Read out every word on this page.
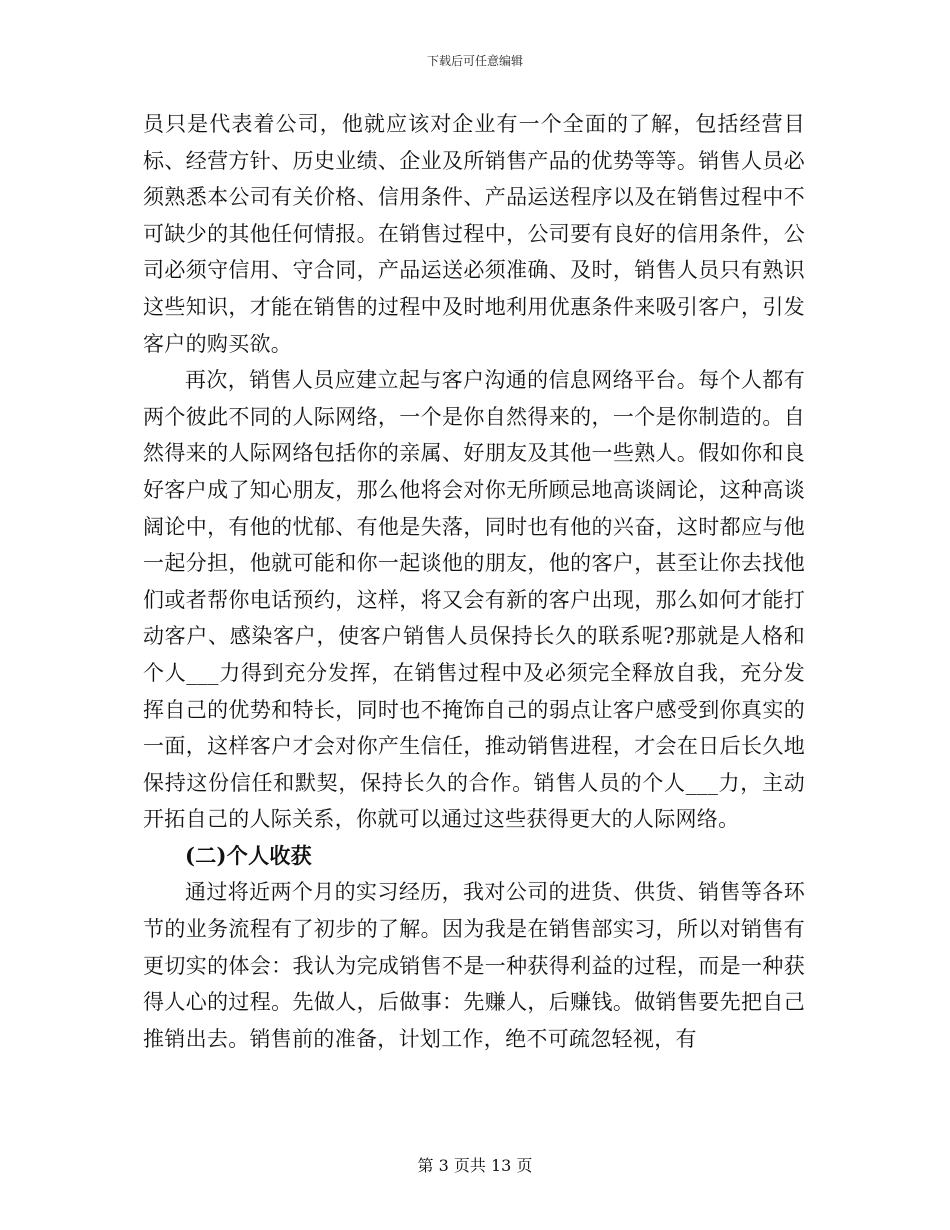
下载后可任意编辑

员只是代表着公司，他就应该对企业有一个全面的了解，包括经营目标、经营方针、历史业绩、企业及所销售产品的优势等等。销售人员必须熟悉本公司有关价格、信用条件、产品运送程序以及在销售过程中不可缺少的其他任何情报。在销售过程中，公司要有良好的信用条件，公司必须守信用、守合同，产品运送必须准确、及时，销售人员只有熟识这些知识，才能在销售的过程中及时地利用优惠条件来吸引客户，引发客户的购买欲。

再次，销售人员应建立起与客户沟通的信息网络平台。每个人都有两个彼此不同的人际网络，一个是你自然得来的，一个是你制造的。自然得来的人际网络包括你的亲属、好朋友及其他一些熟人。假如你和良好客户成了知心朋友，那么他将会对你无所顾忌地高谈阔论，这种高谈阔论中，有他的忧郁、有他是失落，同时也有他的兴奋，这时都应与他一起分担，他就可能和你一起谈他的朋友，他的客户，甚至让你去找他们或者帮你电话预约，这样，将又会有新的客户出现，那么如何才能打动客户、感染客户，使客户销售人员保持长久的联系呢?那就是人格和个人___力得到充分发挥，在销售过程中及必须完全释放自我，充分发挥自己的优势和特长，同时也不掩饰自己的弱点让客户感受到你真实的一面，这样客户才会对你产生信任，推动销售进程，才会在日后长久地保持这份信任和默契，保持长久的合作。销售人员的个人___力，主动开拓自己的人际关系，你就可以通过这些获得更大的人际网络。

(二)个人收获

通过将近两个月的实习经历，我对公司的进货、供货、销售等各环节的业务流程有了初步的了解。因为我是在销售部实习，所以对销售有更切实的体会：我认为完成销售不是一种获得利益的过程，而是一种获得人心的过程。先做人，后做事：先赚人，后赚钱。做销售要先把自己推销出去。销售前的准备，计划工作，绝不可疏忽轻视，有

第 3 页共 13 页
